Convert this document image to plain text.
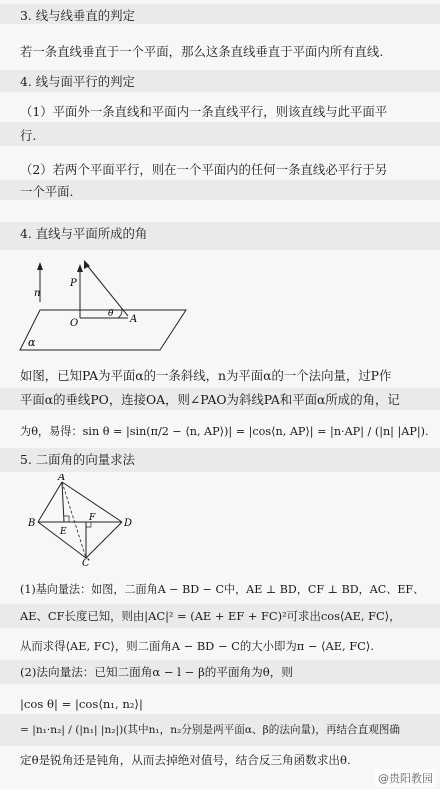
3. 线与线垂直的判定
若一条直线垂直于一个平面，那么这条直线垂直于平面内所有直线.
4. 线与面平行的判定
（1）平面外一条直线和平面内一条直线平行，则该直线与此平面平
行.
（2）若两个平面平行，则在一个平面内的任何一条直线必平行于另
一个平面.
4. 直线与平面所成的角
n
P
O
θ A
α
如图，已知PA为平面α的一条斜线，n为平面α的一个法向量，过P作
平面α的垂线PO，连接OA，则∠PAO为斜线PA和平面α所成的角，记
为θ，易得：sin θ = |sin(π/2 − ⟨n, AP⟩)| = |cos⟨n, AP⟩| = |n·AP| / (|n| |AP|).
5. 二面角的向量求法
A
B	D
C
E
F
(1)基向量法：如图，二面角A − BD − C中，AE ⊥ BD，CF ⊥ BD，AC、EF、
AE、CF长度已知，则由|AC|² = (AE + EF + FC)²可求出cos⟨AE, FC⟩，
从而求得⟨AE, FC⟩，则二面角A − BD − C的大小即为π − ⟨AE, FC⟩.
(2)法向量法：已知二面角α − l − β的平面角为θ，则
|cos θ| = |cos⟨n₁, n₂⟩|
= |n₁·n₂| / (|n₁| |n₂|)(其中n₁，n₂分别是两平面α、β的法向量)，再结合直观图确
定θ是锐角还是钝角，从而去掉绝对值号，结合反三角函数求出θ.
@贵阳教园
